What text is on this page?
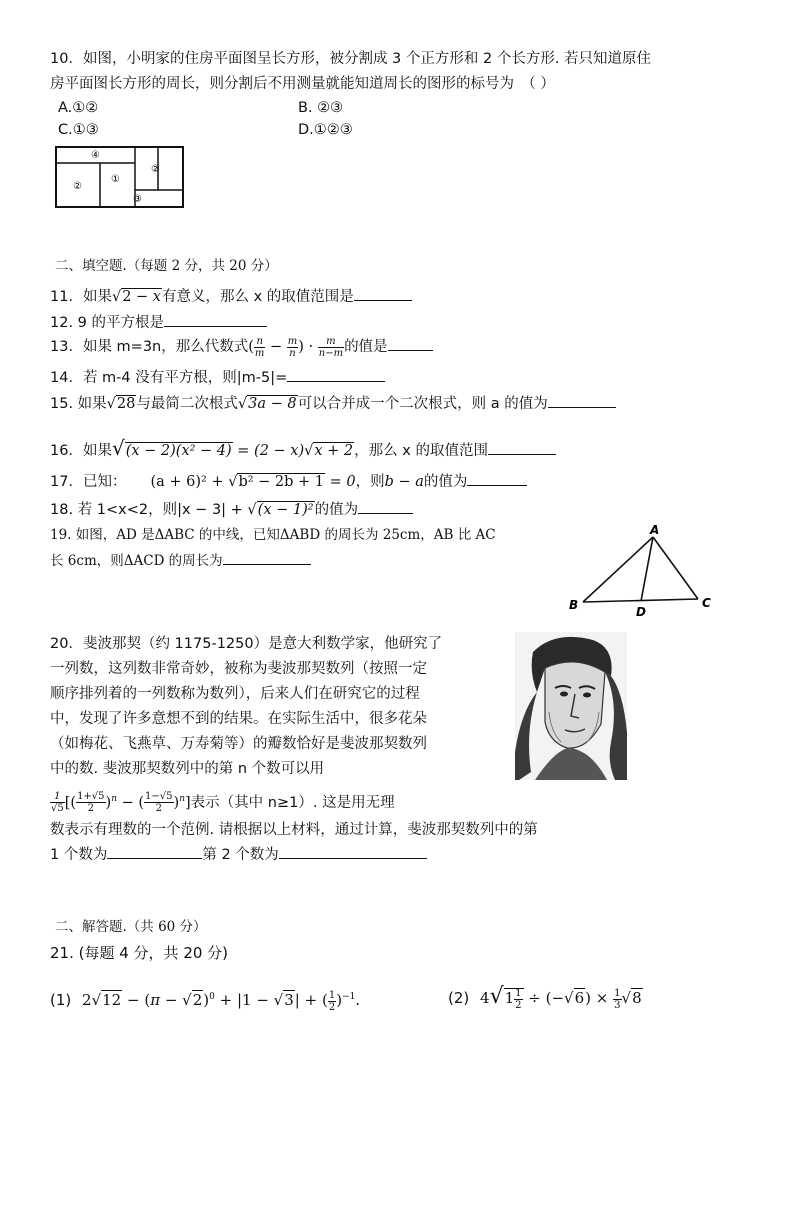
10．如图，小明家的住房平面图呈长方形，被分割成 3 个正方形和 2 个长方形. 若只知道原住
房平面图长方形的周长，则分割后不用测量就能知道周长的图形的标号为　（ ）
A.①②	B. ②③
C.①③	D.①②③
④
②
①
②
③
二、填空题.（每题 2 分，共 20 分）
11．如果√2 − x有意义，那么 x 的取值范围是
12. 9 的平方根是
13．如果 m=3n，那么代数式( $\frac{n}{m} - \frac{m}{n}$ ) · $\frac{m}{n-m}$ 的值是
14．若 m-4 没有平方根，则|m-5|=
15. 如果√28与最简二次根式√3a − 8可以合并成一个二次根式，则 a 的值为
16．如果√(x − 2)(x² − 4) = (2 − x)√x + 2，那么 x 的取值范围
17．已知： (a + 6)² + √b² − 2b + 1 = 0，则b − a的值为
18. 若 1<x<2，则|x − 3| + √(x − 1)²的值为
19. 如图，AD 是ΔABC 的中线，已知ΔABD 的周长为 25cm，AB 比 AC
长 6cm，则ΔACD 的周长为
A
B	C
D
20．斐波那契（约 1175-1250）是意大利数学家，他研究了
一列数，这列数非常奇妙，被称为斐波那契数列（按照一定
顺序排列着的一列数称为数列），后来人们在研究它的过程
中，发现了许多意想不到的结果。在实际生活中，很多花朵
（如梅花、飞燕草、万寿菊等）的瓣数恰好是斐波那契数列
中的数. 斐波那契数列中的第 n 个数可以用
$\frac{1}{√5}$ [( $\frac{1+√5}{2} )^n$ − ( $\frac{1-√5}{2} )^n$]表示（其中 n≥1）. 这是用无理
数表示有理数的一个范例. 请根据以上材料，通过计算，斐波那契数列中的第
1 个数为	第 2 个数为
二、解答题.（共 60 分）
21. (每题 4 分，共 20 分)
(1) $2√12 - (\pi - √2)^0 + |1 - √3|$ + ( $\frac{1}{2} )^{-1}$.	(2) $4√1 \frac{1}{2} \div (-√6) \times \frac{1}{3} √8$
